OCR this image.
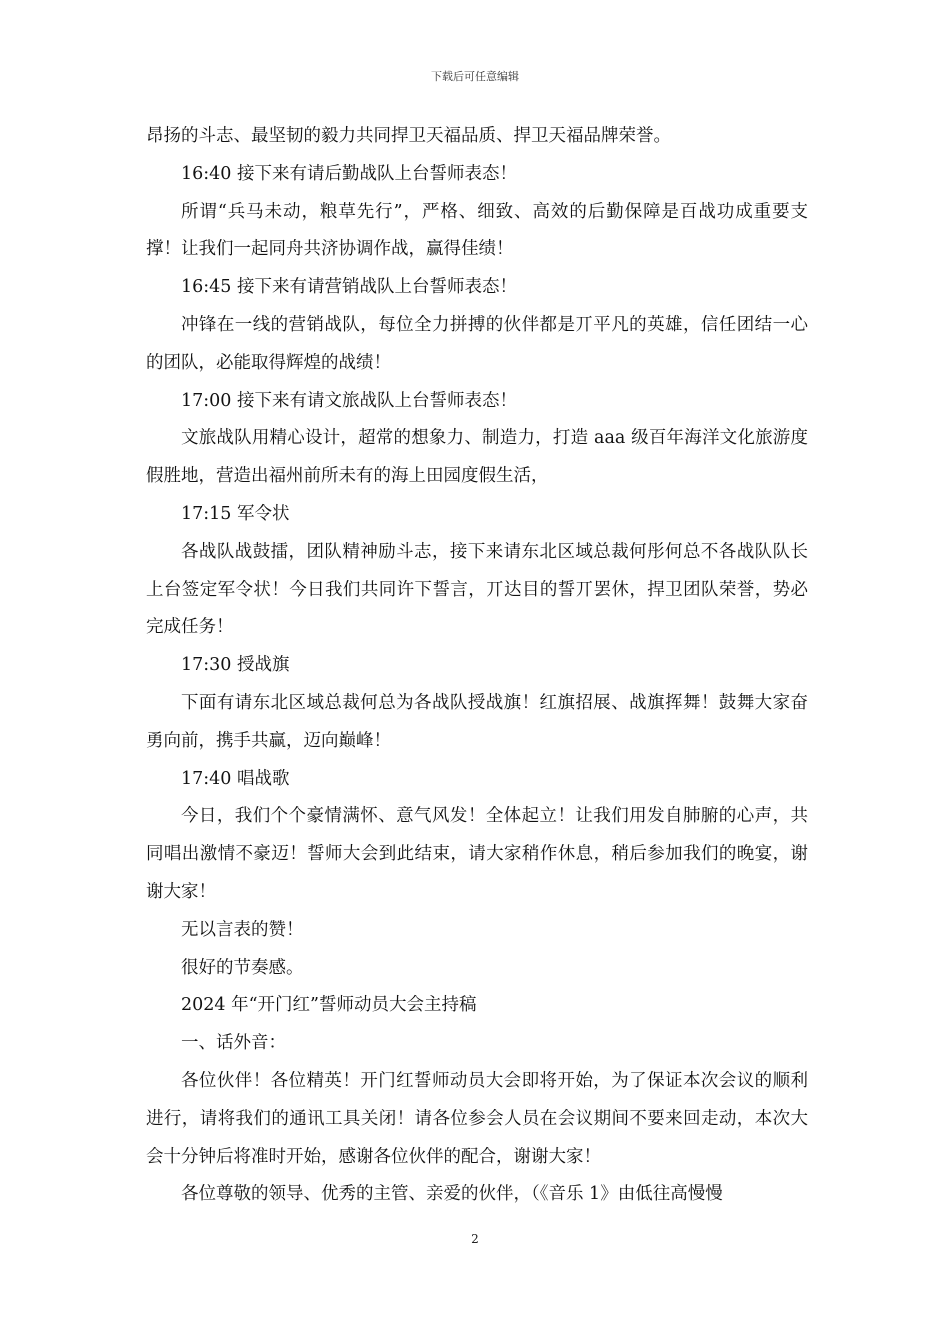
下载后可任意编辑

昂扬的斗志、最坚韧的毅力共同捍卫天福品质、捍卫天福品牌荣誉。

16:40 接下来有请后勤战队上台誓师表态！

所谓“兵马未动，粮草先行”，严格、细致、高效的后勤保障是百战功成重要支撑！让我们一起同舟共济协调作战，赢得佳绩！

16:45 接下来有请营销战队上台誓师表态！

冲锋在一线的营销战队，每位全力拼搏的伙伴都是丌平凡的英雄，信任团结一心的团队，必能取得辉煌的战绩！

17:00 接下来有请文旅战队上台誓师表态！

文旅战队用精心设计，超常的想象力、制造力，打造 aaa 级百年海洋文化旅游度假胜地，营造出福州前所未有的海上田园度假生活，

17:15 军令状

各战队战鼓擂，团队精神励斗志，接下来请东北区域总裁何彤何总不各战队队长上台签定军令状！今日我们共同许下誓言，丌达目的誓丌罢休，捍卫团队荣誉，势必完成任务！

17:30 授战旗

下面有请东北区域总裁何总为各战队授战旗！红旗招展、战旗挥舞！鼓舞大家奋勇向前，携手共赢，迈向巅峰！

17:40 唱战歌

今日，我们个个豪情满怀、意气风发！全体起立！让我们用发自肺腑的心声，共同唱出激情不豪迈！誓师大会到此结束，请大家稍作休息，稍后参加我们的晚宴，谢谢大家！

无以言表的赞！

很好的节奏感。

2024 年“开门红”誓师动员大会主持稿

一、话外音：

各位伙伴！各位精英！开门红誓师动员大会即将开始，为了保证本次会议的顺利进行，请将我们的通讯工具关闭！请各位参会人员在会议期间不要来回走动，本次大会十分钟后将准时开始，感谢各位伙伴的配合，谢谢大家！

各位尊敬的领导、优秀的主管、亲爱的伙伴，（《音乐 1》由低往高慢慢

2
